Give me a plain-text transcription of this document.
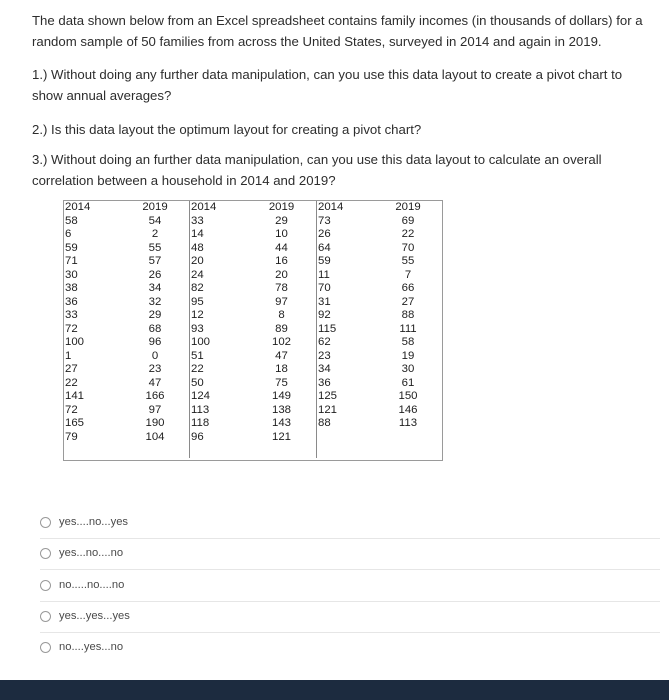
The data shown below from an Excel spreadsheet contains family incomes (in thousands of dollars) for a random sample of 50 families from across the United States, surveyed in 2014 and again in 2019.
1.) Without doing any further data manipulation, can you use this data layout to create a pivot chart to show annual averages?
2.) Is this data layout the optimum layout for creating a pivot chart?
3.) Without doing an further data manipulation, can you use this data layout to calculate an overall correlation between a household in 2014 and 2019?
2014
58
6
59
71
30
38
36
33
72
100
1
27
22
141
72
165
79
2019
54
2
55
57
26
34
32
29
68
96
0
23
47
166
97
190
104
2014
33
14
48
20
24
82
95
12
93
100
51
22
50
124
113
118
96
2019
29
10
44
16
20
78
97
8
89
102
47
18
75
149
138
143
121
2014
73
26
64
59
11
70
31
92
115
62
23
34
36
125
121
88
2019
69
22
70
55
7
66
27
88
111
58
19
30
61
150
146
113
yes....no...yes
yes...no....no
no.....no....no
yes...yes...yes
no....yes...no
